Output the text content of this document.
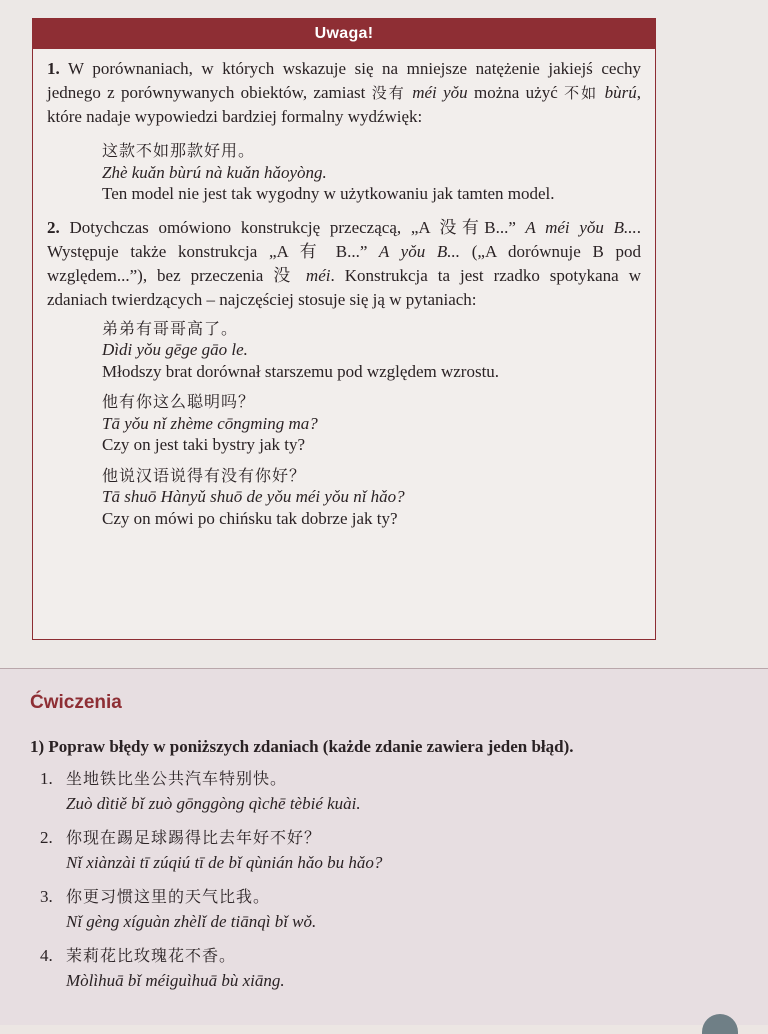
Uwaga!

1. W porównaniach, w których wskazuje się na mniejsze natężenie jakiejś cechy jednego z porównywanych obiektów, zamiast 没有 méi yǒu można użyć 不如 bùrú, które nadaje wypowiedzi bardziej formalny wydźwięk:

这款不如那款好用。
Zhè kuǎn bùrú nà kuǎn hǎoyòng.
Ten model nie jest tak wygodny w użytkowaniu jak tamten model.

2. Dotychczas omówiono konstrukcję przeczącą, „A 没有B...” A méi yǒu B.... Występuje także konstrukcja „A 有 B...” A yǒu B... („A dorównuje B pod względem...”), bez przeczenia 没 méi. Konstrukcja ta jest rzadko spotykana w zdaniach twierdzących – najczęściej stosuje się ją w pytaniach:

弟弟有哥哥高了。
Dìdi yǒu gēge gāo le.
Młodszy brat dorównał starszemu pod względem wzrostu.
他有你这么聪明吗？
Tā yǒu nǐ zhème cōngming ma?
Czy on jest taki bystry jak ty?
他说汉语说得有没有你好？
Tā shuō Hànyǔ shuō de yǒu méi yǒu nǐ hǎo?
Czy on mówi po chińsku tak dobrze jak ty?
Ćwiczenia
1) Popraw błędy w poniższych zdaniach (każde zdanie zawiera jeden błąd).
1. 坐地铁比坐公共汽车特别快。
Zuò dìtiě bǐ zuò gōnggòng qìchē tèbié kuài.
2. 你现在踢足球踢得比去年好不好？
Nǐ xiànzài tī zúqiú tī de bǐ qùnián hǎo bu hǎo?
3. 你更习惯这里的天气比我。
Nǐ gèng xíguàn zhèlǐ de tiānqì bǐ wǒ.
4. 茉莉花比玫瑰花不香。
Mòlìhuā bǐ méiguìhuā bù xiāng.
